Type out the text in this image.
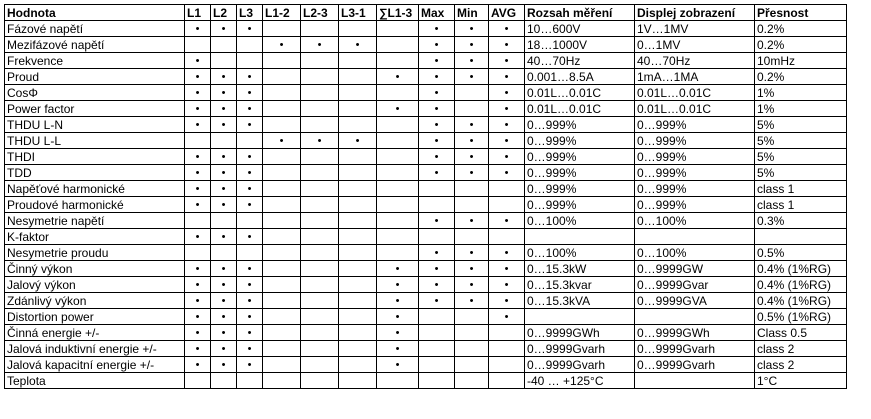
Hodnota	L1	L2	L3	L1-2	L2-3	L3-1	∑L1-3	Max	Min	AVG	Rozsah měření	Displej zobrazení	Přesnost
Fázové napětí	•	•	•					•	•	•	10…600V	1V…1MV	0.2%
Mezifázové napětí				•	•	•		•	•	•	18…1000V	0…1MV	0.2%
Frekvence	•							•	•	•	40…70Hz	40…70Hz	10mHz
Proud	•	•	•				•	•	•	•	0.001…8.5A	1mA…1MA	0.2%
CosΦ	•	•	•					•		•	0.01L…0.01C	0.01L…0.01C	1%
Power factor	•	•	•				•	•		•	0.01L…0.01C	0.01L…0.01C	1%
THDU L-N	•	•	•					•	•	•	0…999%	0…999%	5%
THDU L-L				•	•	•		•	•	•	0…999%	0…999%	5%
THDI	•	•	•					•	•	•	0…999%	0…999%	5%
TDD	•	•	•					•	•	•	0…999%	0…999%	5%
Napěťové harmonické	•	•	•								0…999%	0…999%	class 1
Proudové harmonické	•	•	•								0…999%	0…999%	class 1
Nesymetrie napětí								•	•	•	0…100%	0…100%	0.3%
K-faktor	•	•	•										
Nesymetrie proudu								•	•	•	0…100%	0…100%	0.5%
Činný výkon	•	•	•				•	•	•	•	0…15.3kW	0…9999GW	0.4% (1%RG)
Jalový výkon	•	•	•				•	•	•	•	0…15.3kvar	0…9999Gvar	0.4% (1%RG)
Zdánlivý výkon	•	•	•				•	•	•	•	0…15.3kVA	0…9999GVA	0.4% (1%RG)
Distortion power	•	•	•				•			•			0.5% (1%RG)
Činná energie +/-	•	•	•				•				0…9999GWh	0…9999GWh	Class 0.5
Jalová induktivní energie +/-	•	•	•				•				0…9999Gvarh	0…9999Gvarh	class 2
Jalová kapacitní energie +/-	•	•	•				•				0…9999Gvarh	0…9999Gvarh	class 2
Teplota											-40 … +125°C		1°C
